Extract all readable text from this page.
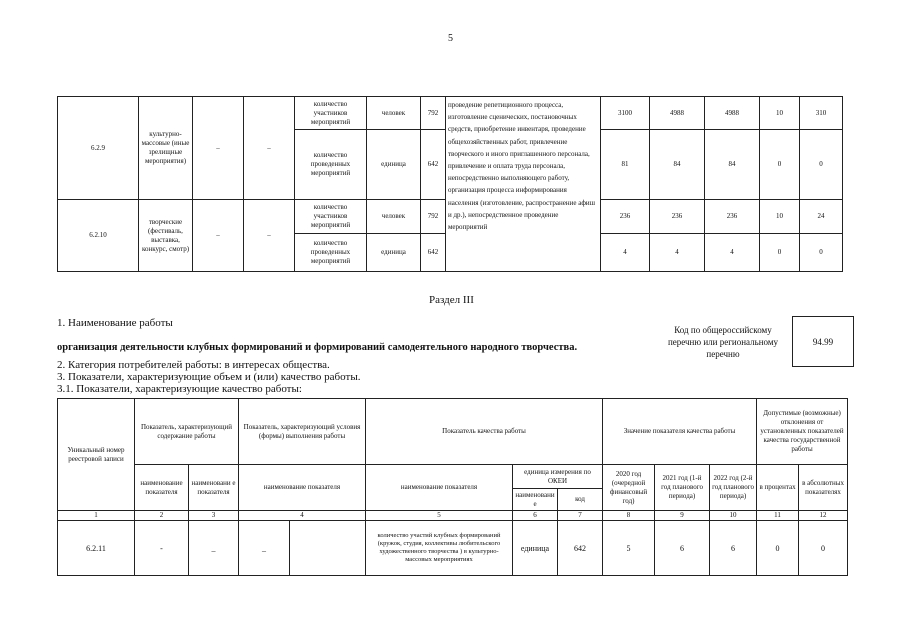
5
6.2.9	культурно-массовые (иные зрелищные мероприятия)	–	–	количество участников мероприятий	человек	792	проведение репетиционного процесса, изготовление сценических, постановочных средств, приобретение инвентаря, проведение общехозяйственных работ, привлечение творческого и иного приглашенного персонала, привлечение и оплата труда персонала, непосредственно выполняющего работу, организация процесса информирования населения (изготовление, распространение афиш и др.), непосредственное проведение мероприятий	3100	4988	4988	10	310
				количество проведенных мероприятий	единица	642		81	84	84	0	0
6.2.10	творческие (фестиваль, выставка, конкурс, смотр)	–	–	количество участников мероприятий	человек	792		236	236	236	10	24
				количество проведенных мероприятий	единица	642		4	4	4	0	0
Раздел III
1. Наименование работы
организация деятельности клубных формирований и формирований самодеятельного народного творчества.
2. Категория потребителей работы: в интересах общества.
3. Показатели, характеризующие объем и (или) качество работы.
3.1. Показатели, характеризующие качество работы:
Код по общероссийскому перечню или региональному перечню
94.99
Уникальный номер реестровой записи	Показатель, характеризующий содержание работы		Показатель, характеризующий условия (формы) выполнения работы		Показатель качества работы			Значение показателя качества работы			Допустимые (возможные) отклонения от установленных показателей качества государственной работы	
	наименование показателя	наименовани е показателя	наименование показателя		наименование показателя	единица измерения по ОКЕИ		2020 год (очередной финансовый год)	2021 год (1-й год планового периода)	2022 год (2-й год планового периода)	в процентах	в абсолютных показателях
						наименовани е	код					
1	2	3	4		5	6	7	8	9	10	11	12
6.2.11	-	_	_		количество участий клубных формирований (кружок, студия, коллективы любительского художественного творчества ) в культурно-массовых мероприятиях	единица	642	5	6	6	0	0
